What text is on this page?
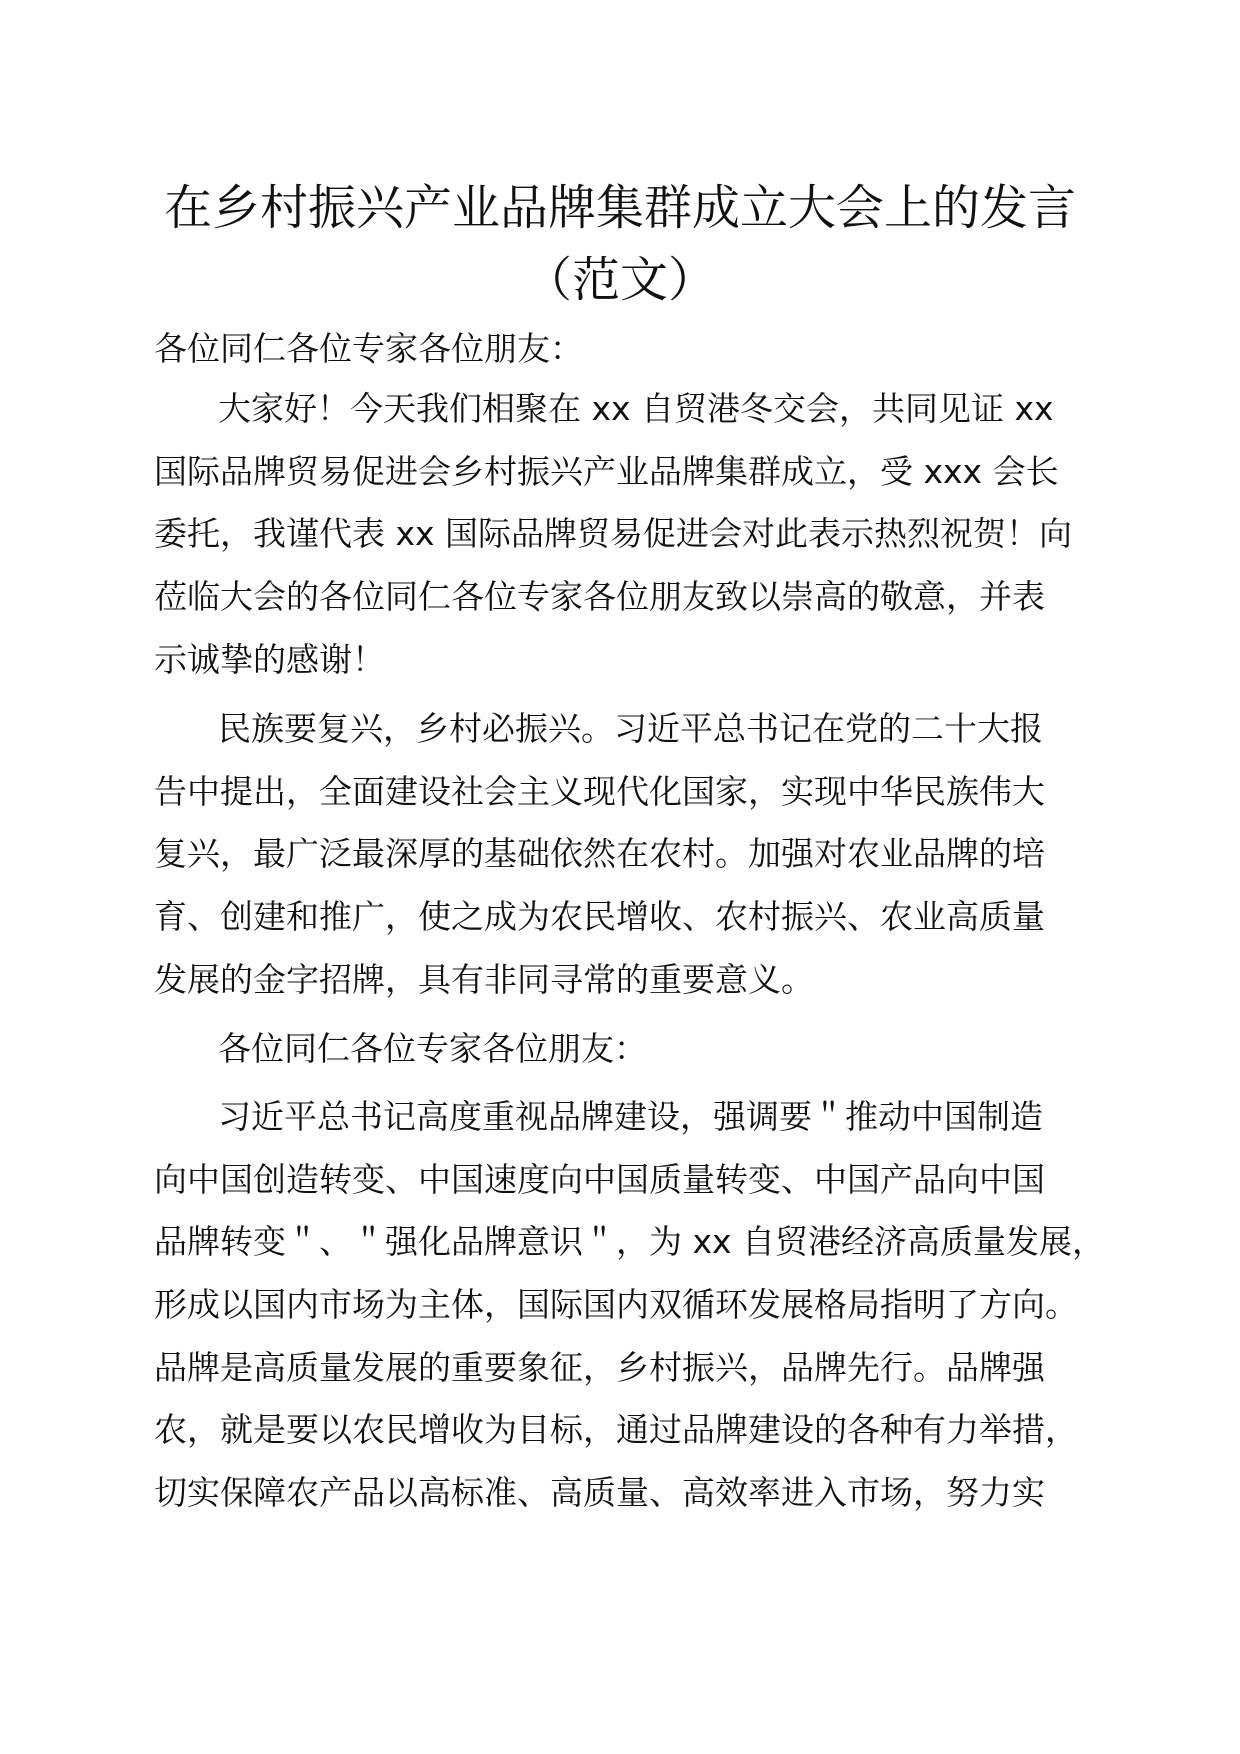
在乡村振兴产业品牌集群成立大会上的发言
（范文）
各位同仁各位专家各位朋友：
大家好！今天我们相聚在 xx 自贸港冬交会，共同见证 xx
国际品牌贸易促进会乡村振兴产业品牌集群成立，受 xxx 会长
委托，我谨代表 xx 国际品牌贸易促进会对此表示热烈祝贺！向
莅临大会的各位同仁各位专家各位朋友致以崇高的敬意，并表
示诚挚的感谢！
民族要复兴，乡村必振兴。习近平总书记在党的二十大报
告中提出，全面建设社会主义现代化国家，实现中华民族伟大
复兴，最广泛最深厚的基础依然在农村。加强对农业品牌的培
育、创建和推广，使之成为农民增收、农村振兴、农业高质量
发展的金字招牌，具有非同寻常的重要意义。
各位同仁各位专家各位朋友：
习近平总书记高度重视品牌建设，强调要＂推动中国制造
向中国创造转变、中国速度向中国质量转变、中国产品向中国
品牌转变＂、＂强化品牌意识＂，为 xx 自贸港经济高质量发展，
形成以国内市场为主体，国际国内双循环发展格局指明了方向。
品牌是高质量发展的重要象征，乡村振兴，品牌先行。品牌强
农，就是要以农民增收为目标，通过品牌建设的各种有力举措，
切实保障农产品以高标准、高质量、高效率进入市场，努力实
